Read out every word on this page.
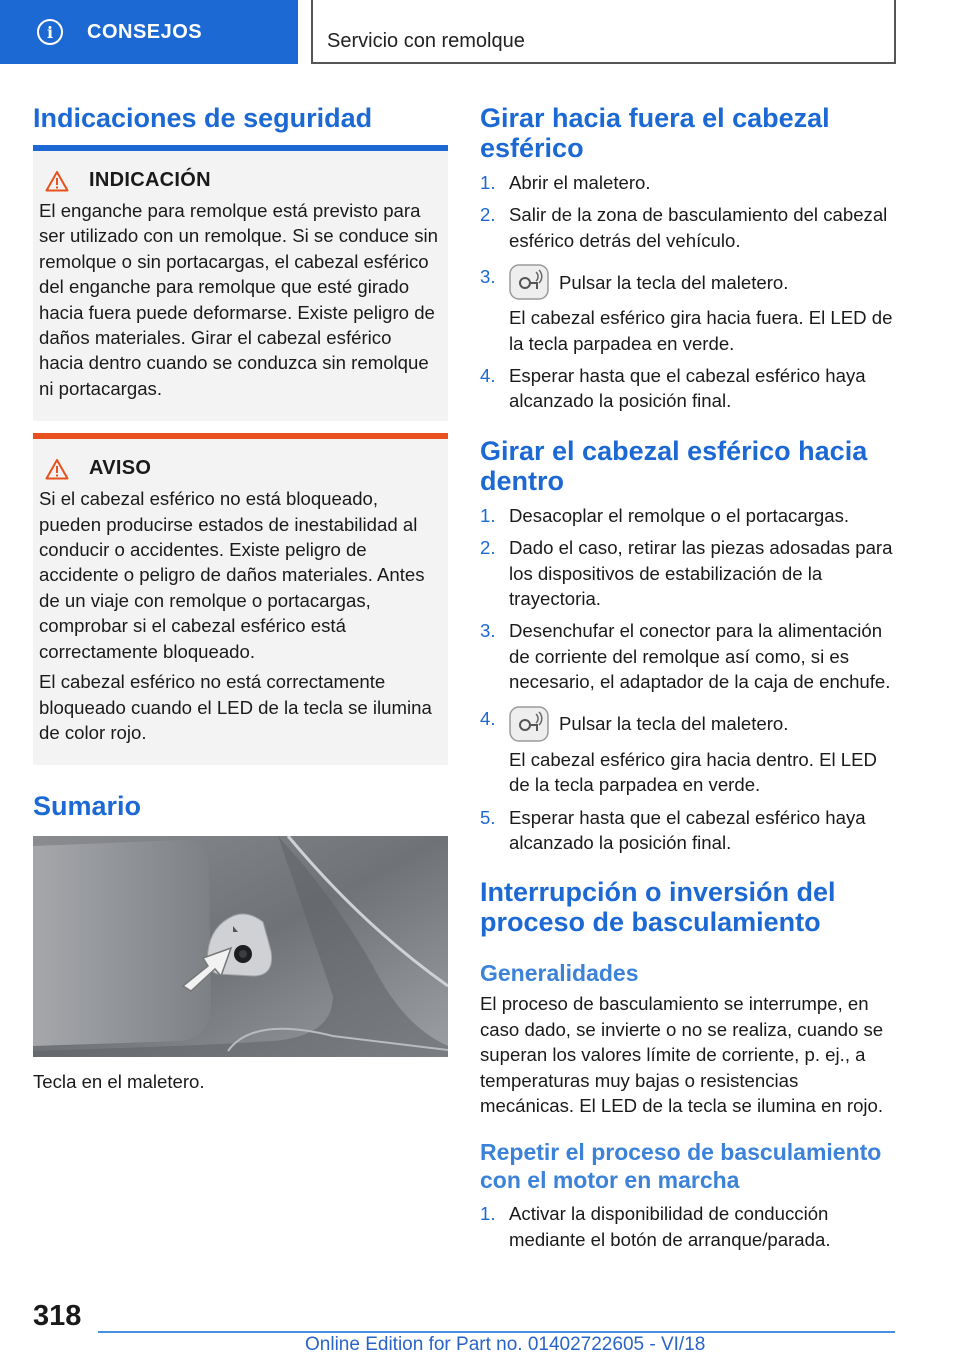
i	CONSEJOS	Servicio con remolque
Indicaciones de seguridad
INDICACIÓN

El enganche para remolque está previsto para ser utilizado con un remolque. Si se conduce sin remolque o sin portacargas, el cabezal esférico del enganche para remolque que esté girado hacia fuera puede deformarse. Existe peligro de daños materiales. Girar el cabezal esférico hacia dentro cuando se conduzca sin remolque ni portacargas.

AVISO

Si el cabezal esférico no está bloqueado, pueden producirse estados de inestabilidad al conducir o accidentes. Existe peligro de accidente o peligro de daños materiales. Antes de un viaje con remolque o portacargas, comprobar si el cabezal esférico está correctamente bloqueado.

El cabezal esférico no está correctamente bloqueado cuando el LED de la tecla se ilumina de color rojo.

Sumario

Tecla en el maletero.

Girar hacia fuera el cabezal esférico
1. Abrir el maletero.
2. Salir de la zona de basculamiento del cabezal esférico detrás del vehículo.
3.	Pulsar la tecla del maletero.
El cabezal esférico gira hacia fuera. El LED de la tecla parpadea en verde.
4. Esperar hasta que el cabezal esférico haya alcanzado la posición final.
Girar el cabezal esférico hacia dentro
1. Desacoplar el remolque o el portacargas.
2. Dado el caso, retirar las piezas adosadas para los dispositivos de estabilización de la trayectoria.
3. Desenchufar el conector para la alimentación de corriente del remolque así como, si es necesario, el adaptador de la caja de enchufe.
4.	Pulsar la tecla del maletero.
El cabezal esférico gira hacia dentro. El LED de la tecla parpadea en verde.
5. Esperar hasta que el cabezal esférico haya alcanzado la posición final.
Interrupción o inversión del proceso de basculamiento
Generalidades

El proceso de basculamiento se interrumpe, en caso dado, se invierte o no se realiza, cuando se superan los valores límite de corriente, p. ej., a temperaturas muy bajas o resistencias mecánicas. El LED de la tecla se ilumina en rojo.

Repetir el proceso de basculamiento con el motor en marcha
1. Activar la disponibilidad de conducción mediante el botón de arranque/parada.
318
Online Edition for Part no. 01402722605 - VI/18
